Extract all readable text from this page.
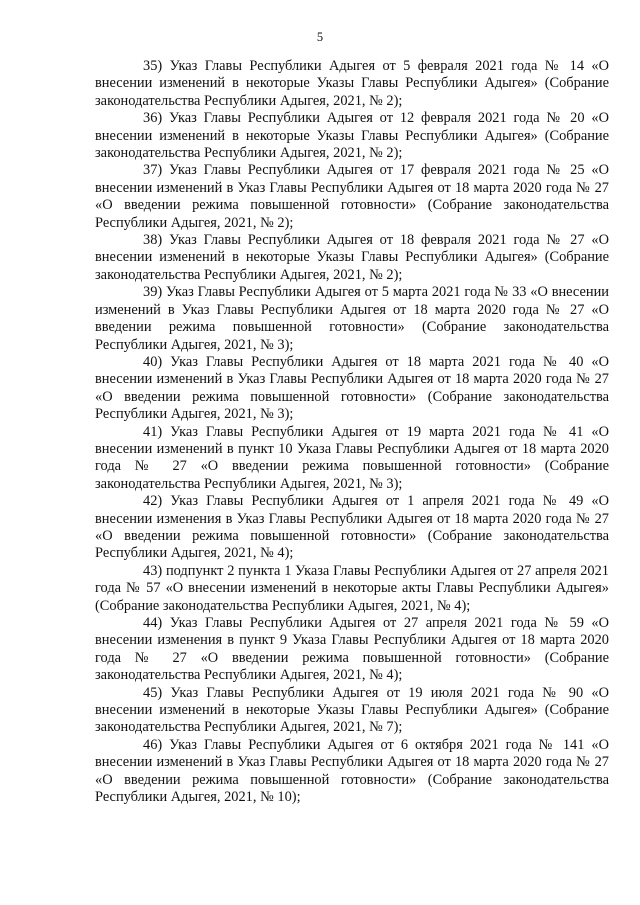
5

35) Указ Главы Республики Адыгея от 5 февраля 2021 года № 14 «О внесении изменений в некоторые Указы Главы Республики Адыгея» (Собрание законодательства Республики Адыгея, 2021, № 2);

36) Указ Главы Республики Адыгея от 12 февраля 2021 года № 20 «О внесении изменений в некоторые Указы Главы Республики Адыгея» (Собрание законодательства Республики Адыгея, 2021, № 2);

37) Указ Главы Республики Адыгея от 17 февраля 2021 года № 25 «О внесении изменений в Указ Главы Республики Адыгея от 18 марта 2020 года № 27 «О введении режима повышенной готовности» (Собрание законодательства Республики Адыгея, 2021, № 2);

38) Указ Главы Республики Адыгея от 18 февраля 2021 года № 27 «О внесении изменений в некоторые Указы Главы Республики Адыгея» (Собрание законодательства Республики Адыгея, 2021, № 2);

39) Указ Главы Республики Адыгея от 5 марта 2021 года № 33 «О внесении изменений в Указ Главы Республики Адыгея от 18 марта 2020 года № 27 «О введении режима повышенной готовности» (Собрание законодательства Республики Адыгея, 2021, № 3);

40) Указ Главы Республики Адыгея от 18 марта 2021 года № 40 «О внесении изменений в Указ Главы Республики Адыгея от 18 марта 2020 года № 27 «О введении режима повышенной готовности» (Собрание законодательства Республики Адыгея, 2021, № 3);

41) Указ Главы Республики Адыгея от 19 марта 2021 года № 41 «О внесении изменений в пункт 10 Указа Главы Республики Адыгея от 18 марта 2020 года № 27 «О введении режима повышенной готовности» (Собрание законодательства Республики Адыгея, 2021, № 3);

42) Указ Главы Республики Адыгея от 1 апреля 2021 года № 49 «О внесении изменения в Указ Главы Республики Адыгея от 18 марта 2020 года № 27 «О введении режима повышенной готовности» (Собрание законодательства Республики Адыгея, 2021, № 4);

43) подпункт 2 пункта 1 Указа Главы Республики Адыгея от 27 апреля 2021 года № 57 «О внесении изменений в некоторые акты Главы Республики Адыгея» (Собрание законодательства Республики Адыгея, 2021, № 4);

44) Указ Главы Республики Адыгея от 27 апреля 2021 года № 59 «О внесении изменения в пункт 9 Указа Главы Республики Адыгея от 18 марта 2020 года № 27 «О введении режима повышенной готовности» (Собрание законодательства Республики Адыгея, 2021, № 4);

45) Указ Главы Республики Адыгея от 19 июля 2021 года № 90 «О внесении изменений в некоторые Указы Главы Республики Адыгея» (Собрание законодательства Республики Адыгея, 2021, № 7);

46) Указ Главы Республики Адыгея от 6 октября 2021 года № 141 «О внесении изменений в Указ Главы Республики Адыгея от 18 марта 2020 года № 27 «О введении режима повышенной готовности» (Собрание законодательства Республики Адыгея, 2021, № 10);
